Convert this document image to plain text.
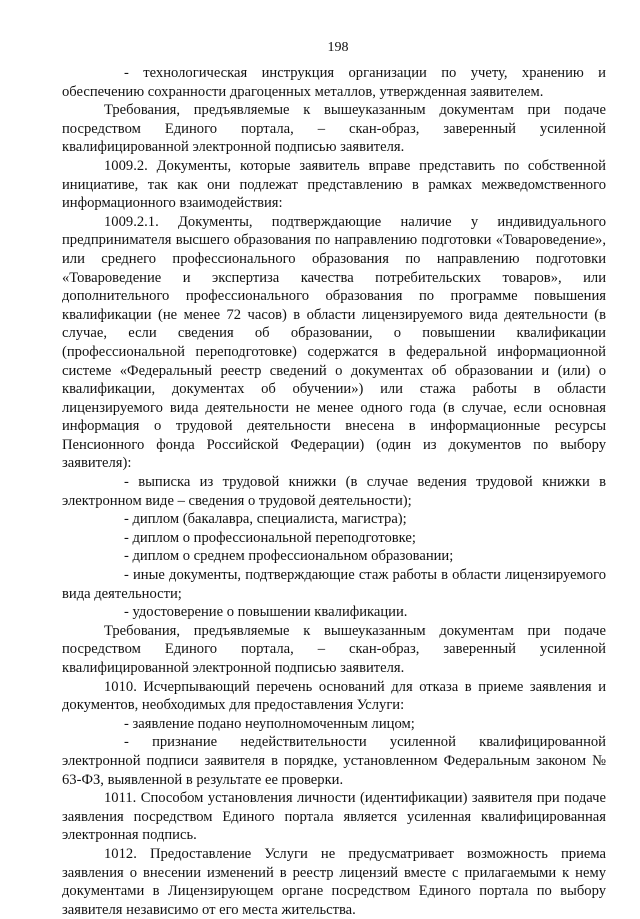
198

- технологическая инструкция организации по учету, хранению и обеспечению сохранности драгоценных металлов, утвержденная заявителем.

Требования, предъявляемые к вышеуказанным документам при подаче посредством Единого портала, – скан-образ, заверенный усиленной квалифицированной электронной подписью заявителя.

1009.2. Документы, которые заявитель вправе представить по собственной инициативе, так как они подлежат представлению в рамках межведомственного информационного взаимодействия:

1009.2.1. Документы, подтверждающие наличие у индивидуального предпринимателя высшего образования по направлению подготовки «Товароведение», или среднего профессионального образования по направлению подготовки «Товароведение и экспертиза качества потребительских товаров», или дополнительного профессионального образования по программе повышения квалификации (не менее 72 часов) в области лицензируемого вида деятельности (в случае, если сведения об образовании, о повышении квалификации (профессиональной переподготовке) содержатся в федеральной информационной системе «Федеральный реестр сведений о документах об образовании и (или) о квалификации, документах об обучении») или стажа работы в области лицензируемого вида деятельности не менее одного года (в случае, если основная информация о трудовой деятельности внесена в информационные ресурсы Пенсионного фонда Российской Федерации) (один из документов по выбору заявителя):

- выписка из трудовой книжки (в случае ведения трудовой книжки в электронном виде – сведения о трудовой деятельности);

- диплом (бакалавра, специалиста, магистра);

- диплом о профессиональной переподготовке;

- диплом о среднем профессиональном образовании;

- иные документы, подтверждающие стаж работы в области лицензируемого вида деятельности;

- удостоверение о повышении квалификации.

Требования, предъявляемые к вышеуказанным документам при подаче посредством Единого портала, – скан-образ, заверенный усиленной квалифицированной электронной подписью заявителя.

1010. Исчерпывающий перечень оснований для отказа в приеме заявления и документов, необходимых для предоставления Услуги:

- заявление подано неуполномоченным лицом;

- признание недействительности усиленной квалифицированной электронной подписи заявителя в порядке, установленном Федеральным законом № 63-ФЗ, выявленной в результате ее проверки.

1011. Способом установления личности (идентификации) заявителя при подаче заявления посредством Единого портала является усиленная квалифицированная электронная подпись.

1012. Предоставление Услуги не предусматривает возможность приема заявления о внесении изменений в реестр лицензий вместе с прилагаемыми к нему документами в Лицензирующем органе посредством Единого портала по выбору заявителя независимо от его места жительства.
